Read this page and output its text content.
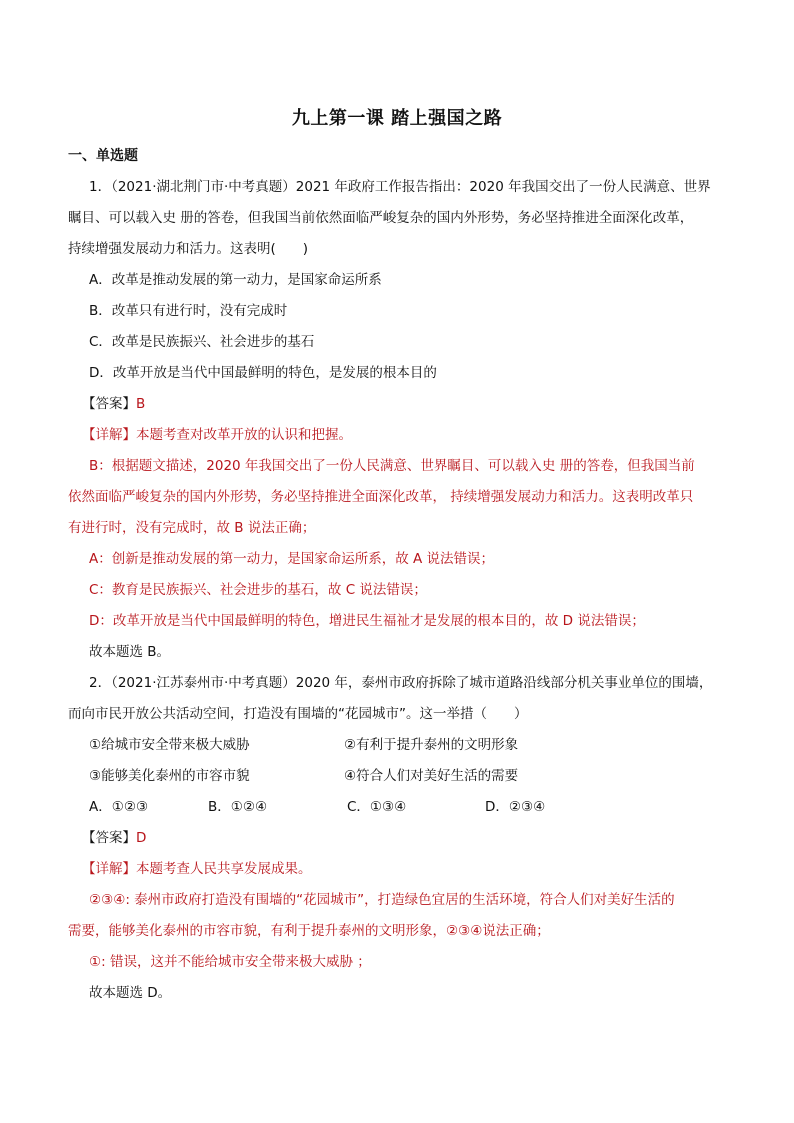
九上第一课 踏上强国之路
一、单选题
1．（2021·湖北荆门市·中考真题）2021 年政府工作报告指出：2020 年我国交出了一份人民满意、世界
瞩目、可以载入史 册的答卷，但我国当前依然面临严峻复杂的国内外形势，务必坚持推进全面深化改革，
持续增强发展动力和活力。这表明(　　)
A．改革是推动发展的第一动力，是国家命运所系
B．改革只有进行时，没有完成时
C．改革是民族振兴、社会进步的基石
D．改革开放是当代中国最鲜明的特色，是发展的根本目的
【答案】B
【详解】本题考查对改革开放的认识和把握。
B：根据题文描述，2020 年我国交出了一份人民满意、世界瞩目、可以载入史 册的答卷，但我国当前
依然面临严峻复杂的国内外形势，务必坚持推进全面深化改革， 持续增强发展动力和活力。这表明改革只
有进行时，没有完成时，故 B 说法正确；
A：创新是推动发展的第一动力，是国家命运所系，故 A 说法错误；
C：教育是民族振兴、社会进步的基石，故 C 说法错误；
D：改革开放是当代中国最鲜明的特色，增进民生福祉才是发展的根本目的，故 D 说法错误；
故本题选 B。
2．（2021·江苏泰州市·中考真题）2020 年，泰州市政府拆除了城市道路沿线部分机关事业单位的围墙，
而向市民开放公共活动空间，打造没有围墙的“花园城市”。这一举措（　　）
①给城市安全带来极大威胁	②有利于提升泰州的文明形象
③能够美化泰州的市容市貌	④符合人们对美好生活的需要
A．①②③	B．①②④	C．①③④	D．②③④
【答案】D
【详解】本题考查人民共享发展成果。
②③④: 泰州市政府打造没有围墙的“花园城市”，打造绿色宜居的生活环境，符合人们对美好生活的
需要，能够美化泰州的市容市貌，有利于提升泰州的文明形象，②③④说法正确；
①: 错误，这并不能给城市安全带来极大威胁 ；
故本题选 D。
